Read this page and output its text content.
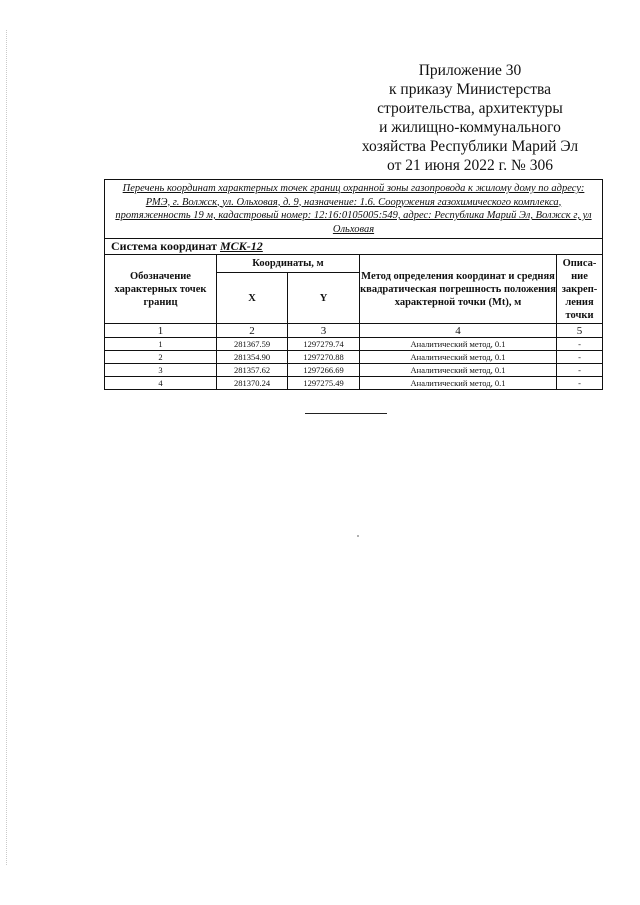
Приложение 30
к приказу Министерства
строительства, архитектуры
и жилищно-коммунального
хозяйства Республики Марий Эл
от 21 июня 2022 г. № 306
Перечень координат характерных точек границ охранной зоны газопровода к жилому дому по адресу: РМЭ, г. Волжск, ул. Ольховая, д. 9, назначение: 1.6. Сооружения газохимического комплекса, протяженность 19 м, кадастровый номер: 12:16:0105005:549, адрес: Республика Марий Эл, Волжск г, ул Ольховая				
Система координат МСК-12				
Обозначение характерных точек границ	Координаты, м		Метод определения координат и средняя квадратическая погрешность положения характерной точки (Mt), м	Описа-ние закреп-ления точки
	X	Y		
1	2	3	4	5
1	281367.59	1297279.74	Аналитический метод, 0.1	-
2	281354.90	1297270.88	Аналитический метод, 0.1	-
3	281357.62	1297266.69	Аналитический метод, 0.1	-
4	281370.24	1297275.49	Аналитический метод, 0.1	-
